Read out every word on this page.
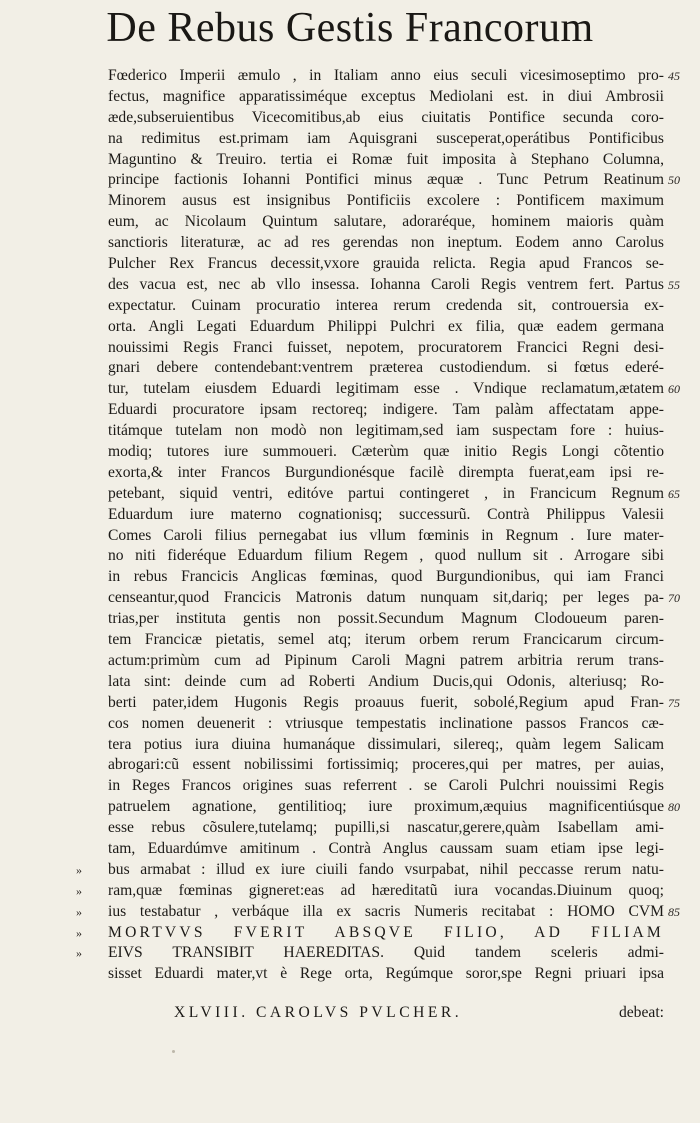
De Rebus Gestis Francorum
Fœderico Imperii æmulo , in Italiam anno eius seculi vicesimoseptimo pro- 45
fectus, magnifice apparatissiméque exceptus Mediolani est. in diui Ambrosii
æde,subseruientibus Vicecomitibus,ab eius ciuitatis Pontifice secunda coro-
na redimitus est.primam iam Aquisgrani susceperat,operátibus Pontificibus
Maguntino & Treuiro. tertia ei Romæ fuit imposita à Stephano Columna,
principe factionis Iohanni Pontifici minus æquæ . Tunc Petrum Reatinum 50
Minorem ausus est insignibus Pontificiis excolere : Pontificem maximum
eum, ac Nicolaum Quintum salutare, adoraréque, hominem maioris quàm
sanctioris literaturæ, ac ad res gerendas non ineptum. Eodem anno Carolus
Pulcher Rex Francus decessit,vxore grauida relicta. Regia apud Francos se-
des vacua est, nec ab vllo insessa. Iohanna Caroli Regis ventrem fert. Partus 55
expectatur. Cuinam procuratio interea rerum credenda sit, controuersia ex-
orta. Angli Legati Eduardum Philippi Pulchri ex filia, quæ eadem germana
nouissimi Regis Franci fuisset, nepotem, procuratorem Francici Regni desi-
gnari debere contendebant:ventrem præterea custodiendum. si fœtus ederé-
tur, tutelam eiusdem Eduardi legitimam esse . Vndique reclamatum,ætatem 60
Eduardi procuratore ipsam rectoreq; indigere. Tam palàm affectatam appe-
titámque tutelam non modò non legitimam,sed iam suspectam fore : huius-
modiq; tutores iure summoueri. Cæterùm quæ initio Regis Longi cõtentio
exorta,& inter Francos Burgundionésque facilè dirempta fuerat,eam ipsi re-
petebant, siquid ventri, editóve partui contingeret , in Francicum Regnum 65
Eduardum iure materno cognationisq; successurũ. Contrà Philippus Valesii
Comes Caroli filius pernegabat ius vllum fœminis in Regnum . Iure mater-
no niti fideréque Eduardum filium Regem , quod nullum sit . Arrogare sibi
in rebus Francicis Anglicas fœminas, quod Burgundionibus, qui iam Franci
censeantur,quod Francicis Matronis datum nunquam sit,dariq; per leges pa- 70
trias,per instituta gentis non possit.Secundum Magnum Clodoueum paren-
tem Francicæ pietatis, semel atq; iterum orbem rerum Francicarum circum-
actum:primùm cum ad Pipinum Caroli Magni patrem arbitria rerum trans-
lata sint: deinde cum ad Roberti Andium Ducis,qui Odonis, alteriusq; Ro-
berti pater,idem Hugonis Regis proauus fuerit, sobolé,Regium apud Fran- 75
cos nomen deuenerit : vtriusque tempestatis inclinatione passos Francos cæ-
tera potius iura diuina humanáque dissimulari, silereq;, quàm legem Salicam
abrogari:cũ essent nobilissimi fortissimiq; proceres,qui per matres, per auias,
in Reges Francos origines suas referrent . se Caroli Pulchri nouissimi Regis
patruelem agnatione, gentilitioq; iure proximum,æquius magnificentiúsque 80
esse rebus cõsulere,tutelamq; pupilli,si nascatur,gerere,quàm Isabellam ami-
tam, Eduardúmve amitinum . Contrà Anglus caussam suam etiam ipse legi-
» bus armabat : illud ex iure ciuili fando vsurpabat, nihil peccasse rerum natu-
» ram,quæ fœminas gigneret:eas ad hæreditatũ iura vocandas.Diuinum quoq;
» ius testabatur , verbáque illa ex sacris Numeris recitabat : HOMO CVM 85
» MORTVVS FVERIT ABSQVE FILIO, AD FILIAM
» EIVS TRANSIBIT HAEREDITAS. Quid tandem sceleris admi-
sisset Eduardi mater,vt è Rege orta, Regúmque soror,spe Regni priuari ipsa
XLVIII. CAROLVS PVLCHER.	debeat:
